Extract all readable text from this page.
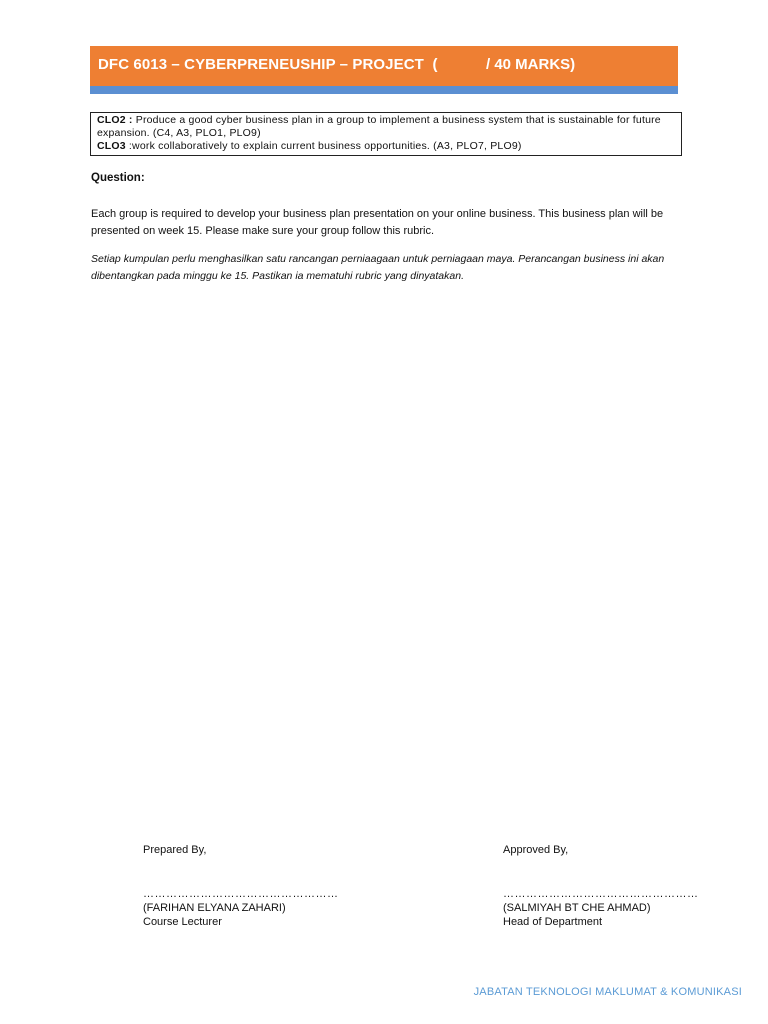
DFC 6013 – CYBERPRENEUSHIP – PROJECT  (	/ 40 MARKS)
CLO2 : Produce a good cyber business plan in a group to implement a business system that is sustainable for future expansion. (C4, A3, PLO1, PLO9)
CLO3 :work collaboratively to explain current business opportunities. (A3, PLO7, PLO9)
Question:
Each group is required to develop your business plan presentation on your online business. This business plan will be presented on week 15. Please make sure your group follow this rubric.
Setiap kumpulan perlu menghasilkan satu rancangan perniaagaan untuk perniagaan maya. Perancangan business ini akan dibentangkan pada minggu ke 15. Pastikan ia mematuhi rubric yang dinyatakan.
Prepared By,
……………………………………………
(FARIHAN ELYANA ZAHARI)
Course Lecturer
Approved By,
……………………………………………
(SALMIYAH BT CHE AHMAD)
Head of Department
JABATAN TEKNOLOGI MAKLUMAT & KOMUNIKASI
